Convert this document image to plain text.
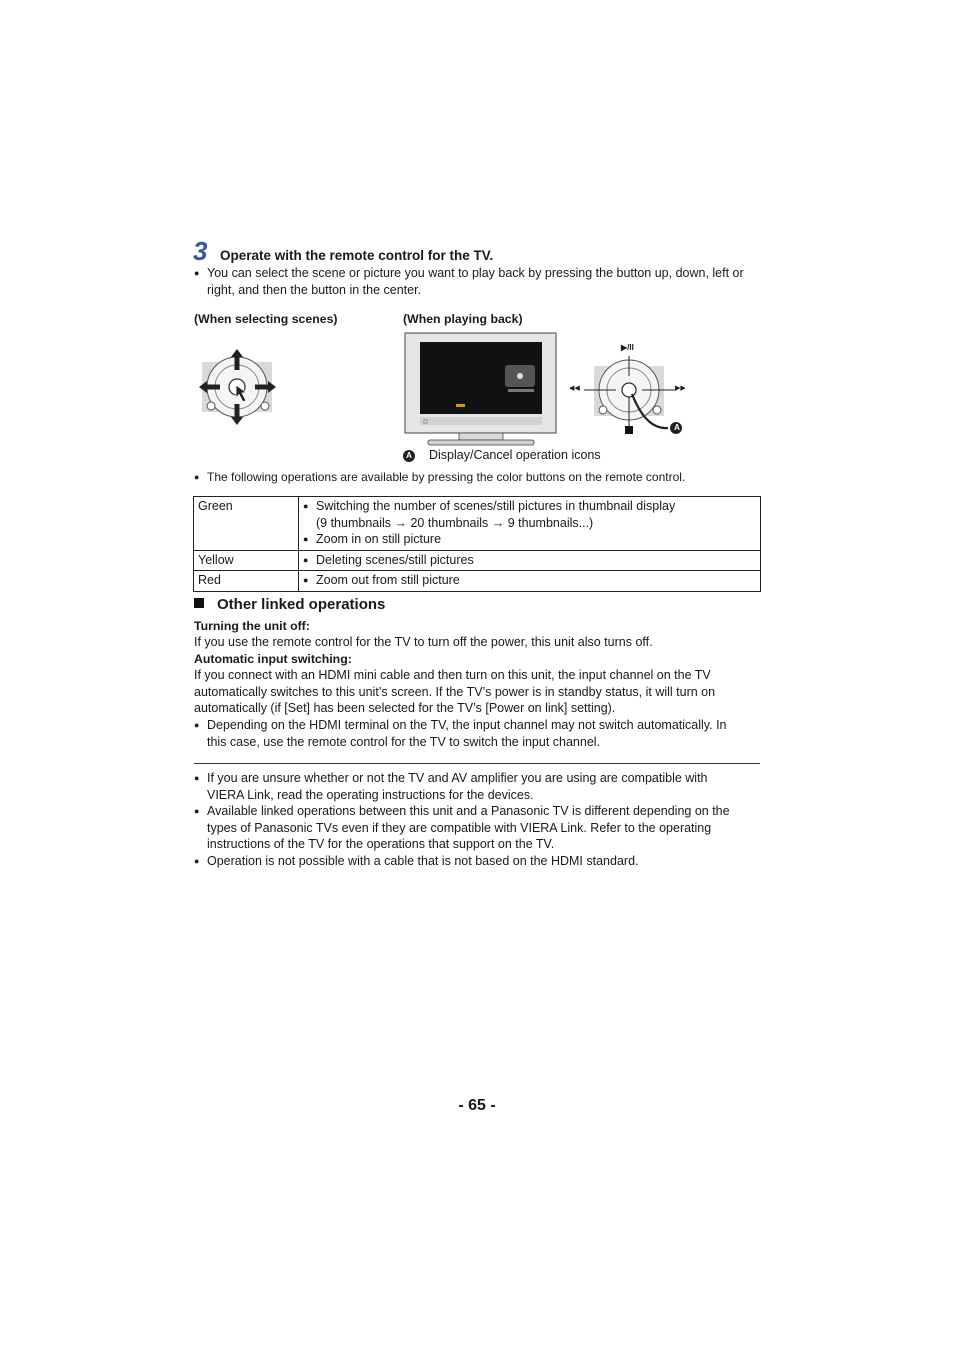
3 Operate with the remote control for the TV.
● You can select the scene or picture you want to play back by pressing the button up, down, left or
right, and then the button in the center.
(When selecting scenes)	(When playing back)
▶/II
◀◀	▶▶
A
A Display/Cancel operation icons
● The following operations are available by pressing the color buttons on the remote control.
Green	● Switching the number of scenes/still pictures in thumbnail display
(9 thumbnails → 20 thumbnails → 9 thumbnails...)
● Zoom in on still picture

Yellow	● Deleting scenes/still pictures

Red	● Zoom out from still picture
Other linked operations
Turning the unit off:
If you use the remote control for the TV to turn off the power, this unit also turns off.
Automatic input switching:
If you connect with an HDMI mini cable and then turn on this unit, the input channel on the TV
automatically switches to this unit’s screen. If the TV’s power is in standby status, it will turn on
automatically (if [Set] has been selected for the TV’s [Power on link] setting).
● Depending on the HDMI terminal on the TV, the input channel may not switch automatically. In
this case, use the remote control for the TV to switch the input channel.
● If you are unsure whether or not the TV and AV amplifier you are using are compatible with
VIERA Link, read the operating instructions for the devices.
● Available linked operations between this unit and a Panasonic TV is different depending on the
types of Panasonic TVs even if they are compatible with VIERA Link. Refer to the operating
instructions of the TV for the operations that support on the TV.
● Operation is not possible with a cable that is not based on the HDMI standard.
- 65 -
